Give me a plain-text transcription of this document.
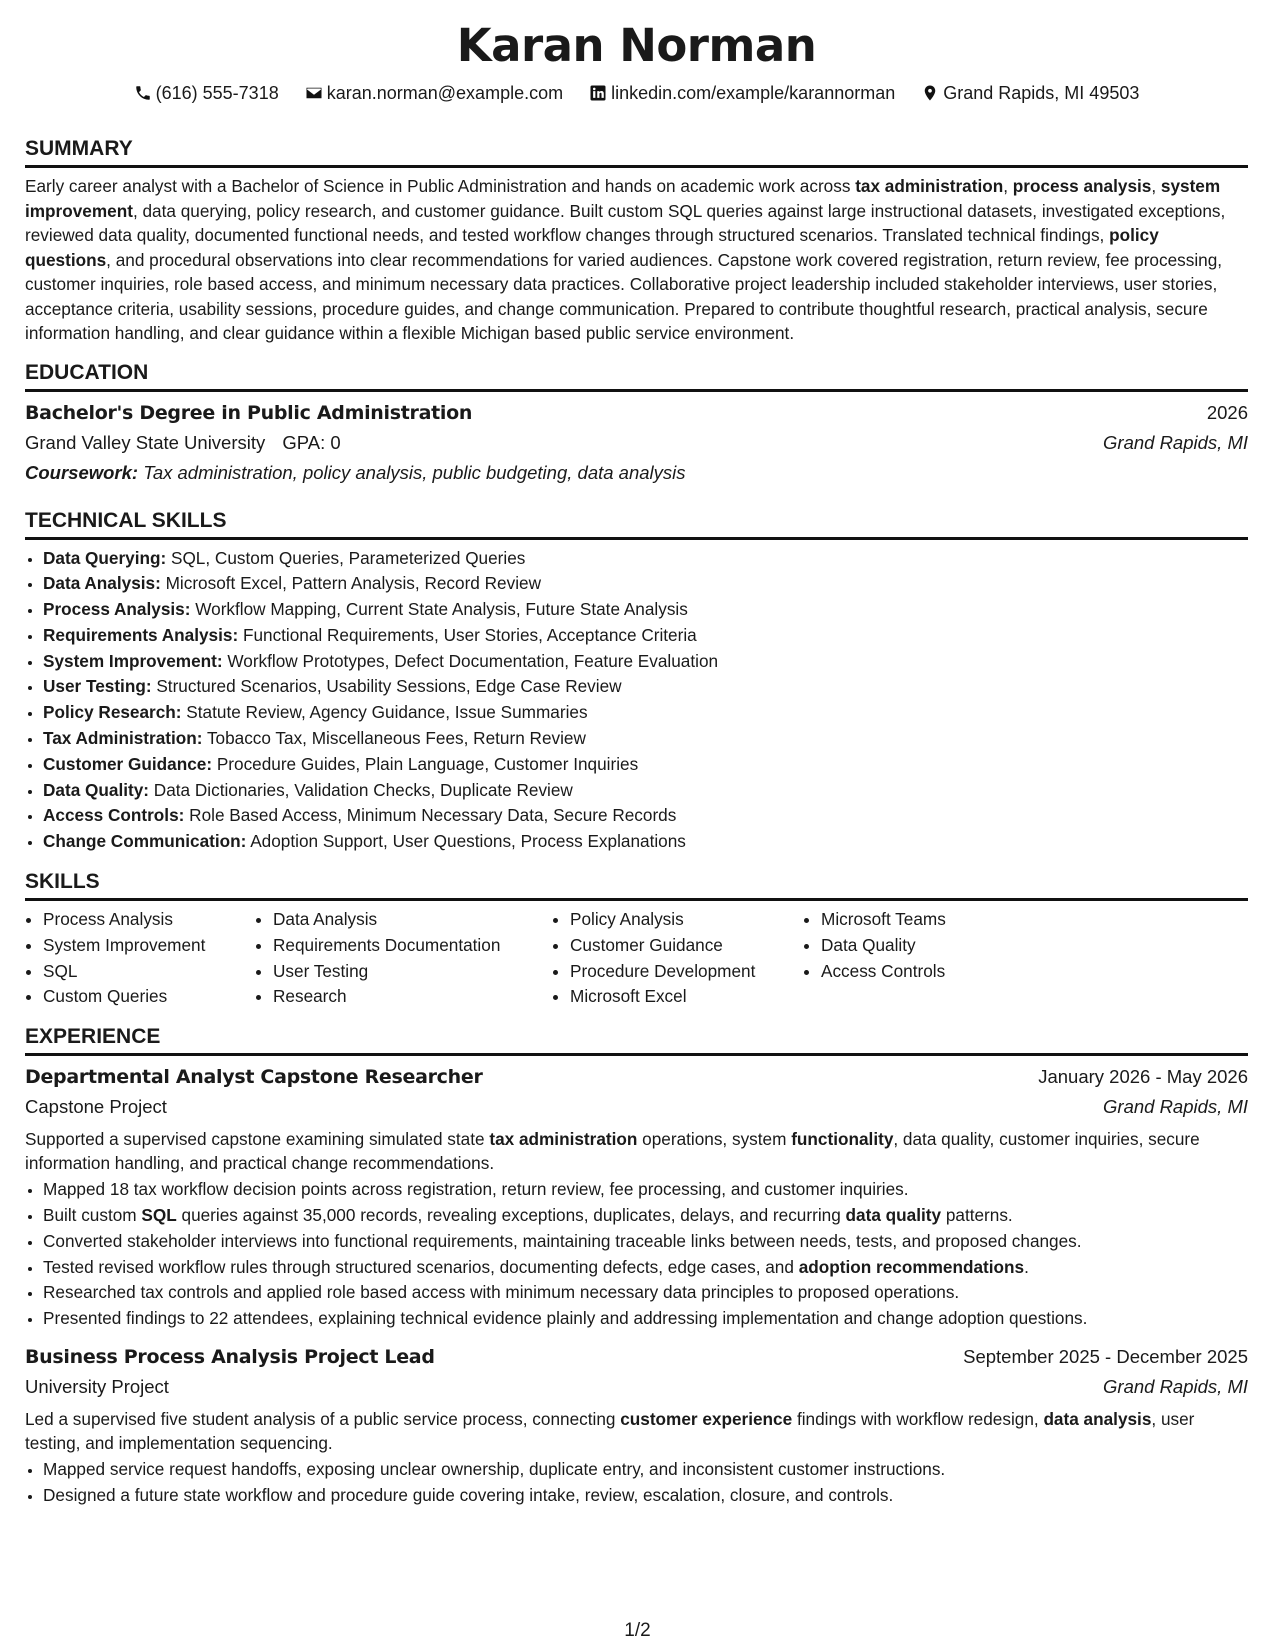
Karan Norman
(616) 555-7318	karan.norman@example.com	linkedin.com/example/karannorman	Grand Rapids, MI 49503
SUMMARY

Early career analyst with a Bachelor of Science in Public Administration and hands on academic work across tax administration, process analysis, system improvement, data querying, policy research, and customer guidance. Built custom SQL queries against large instructional datasets, investigated exceptions, reviewed data quality, documented functional needs, and tested workflow changes through structured scenarios. Translated technical findings, policy questions, and procedural observations into clear recommendations for varied audiences. Capstone work covered registration, return review, fee processing, customer inquiries, role based access, and minimum necessary data practices. Collaborative project leadership included stakeholder interviews, user stories, acceptance criteria, usability sessions, procedure guides, and change communication. Prepared to contribute thoughtful research, practical analysis, secure information handling, and clear guidance within a flexible Michigan based public service environment.

EDUCATION
Bachelor's Degree in Public Administration	2026
Grand Valley State University GPA: 0	Grand Rapids, MI
Coursework: Tax administration, policy analysis, public budgeting, data analysis
TECHNICAL SKILLS
• Data Querying: SQL, Custom Queries, Parameterized Queries
• Data Analysis: Microsoft Excel, Pattern Analysis, Record Review
• Process Analysis: Workflow Mapping, Current State Analysis, Future State Analysis
• Requirements Analysis: Functional Requirements, User Stories, Acceptance Criteria
• System Improvement: Workflow Prototypes, Defect Documentation, Feature Evaluation
• User Testing: Structured Scenarios, Usability Sessions, Edge Case Review
• Policy Research: Statute Review, Agency Guidance, Issue Summaries
• Tax Administration: Tobacco Tax, Miscellaneous Fees, Return Review
• Customer Guidance: Procedure Guides, Plain Language, Customer Inquiries
• Data Quality: Data Dictionaries, Validation Checks, Duplicate Review
• Access Controls: Role Based Access, Minimum Necessary Data, Secure Records
• Change Communication: Adoption Support, User Questions, Process Explanations
SKILLS
• Process Analysis
• System Improvement
• SQL
• Custom Queries
• Data Analysis
• Requirements Documentation
• User Testing
• Research
• Policy Analysis
• Customer Guidance
• Procedure Development
• Microsoft Excel
• Microsoft Teams
• Data Quality
• Access Controls
EXPERIENCE
Departmental Analyst Capstone Researcher	January 2026 - May 2026
Capstone Project	Grand Rapids, MI

Supported a supervised capstone examining simulated state tax administration operations, system functionality, data quality, customer inquiries, secure information handling, and practical change recommendations.

• Mapped 18 tax workflow decision points across registration, return review, fee processing, and customer inquiries.
• Built custom SQL queries against 35,000 records, revealing exceptions, duplicates, delays, and recurring data quality patterns.
• Converted stakeholder interviews into functional requirements, maintaining traceable links between needs, tests, and proposed changes.
• Tested revised workflow rules through structured scenarios, documenting defects, edge cases, and adoption recommendations.
• Researched tax controls and applied role based access with minimum necessary data principles to proposed operations.
• Presented findings to 22 attendees, explaining technical evidence plainly and addressing implementation and change adoption questions.
Business Process Analysis Project Lead	September 2025 - December 2025
University Project	Grand Rapids, MI

Led a supervised five student analysis of a public service process, connecting customer experience findings with workflow redesign, data analysis, user testing, and implementation sequencing.

• Mapped service request handoffs, exposing unclear ownership, duplicate entry, and inconsistent customer instructions.
• Designed a future state workflow and procedure guide covering intake, review, escalation, closure, and controls.
1/2
